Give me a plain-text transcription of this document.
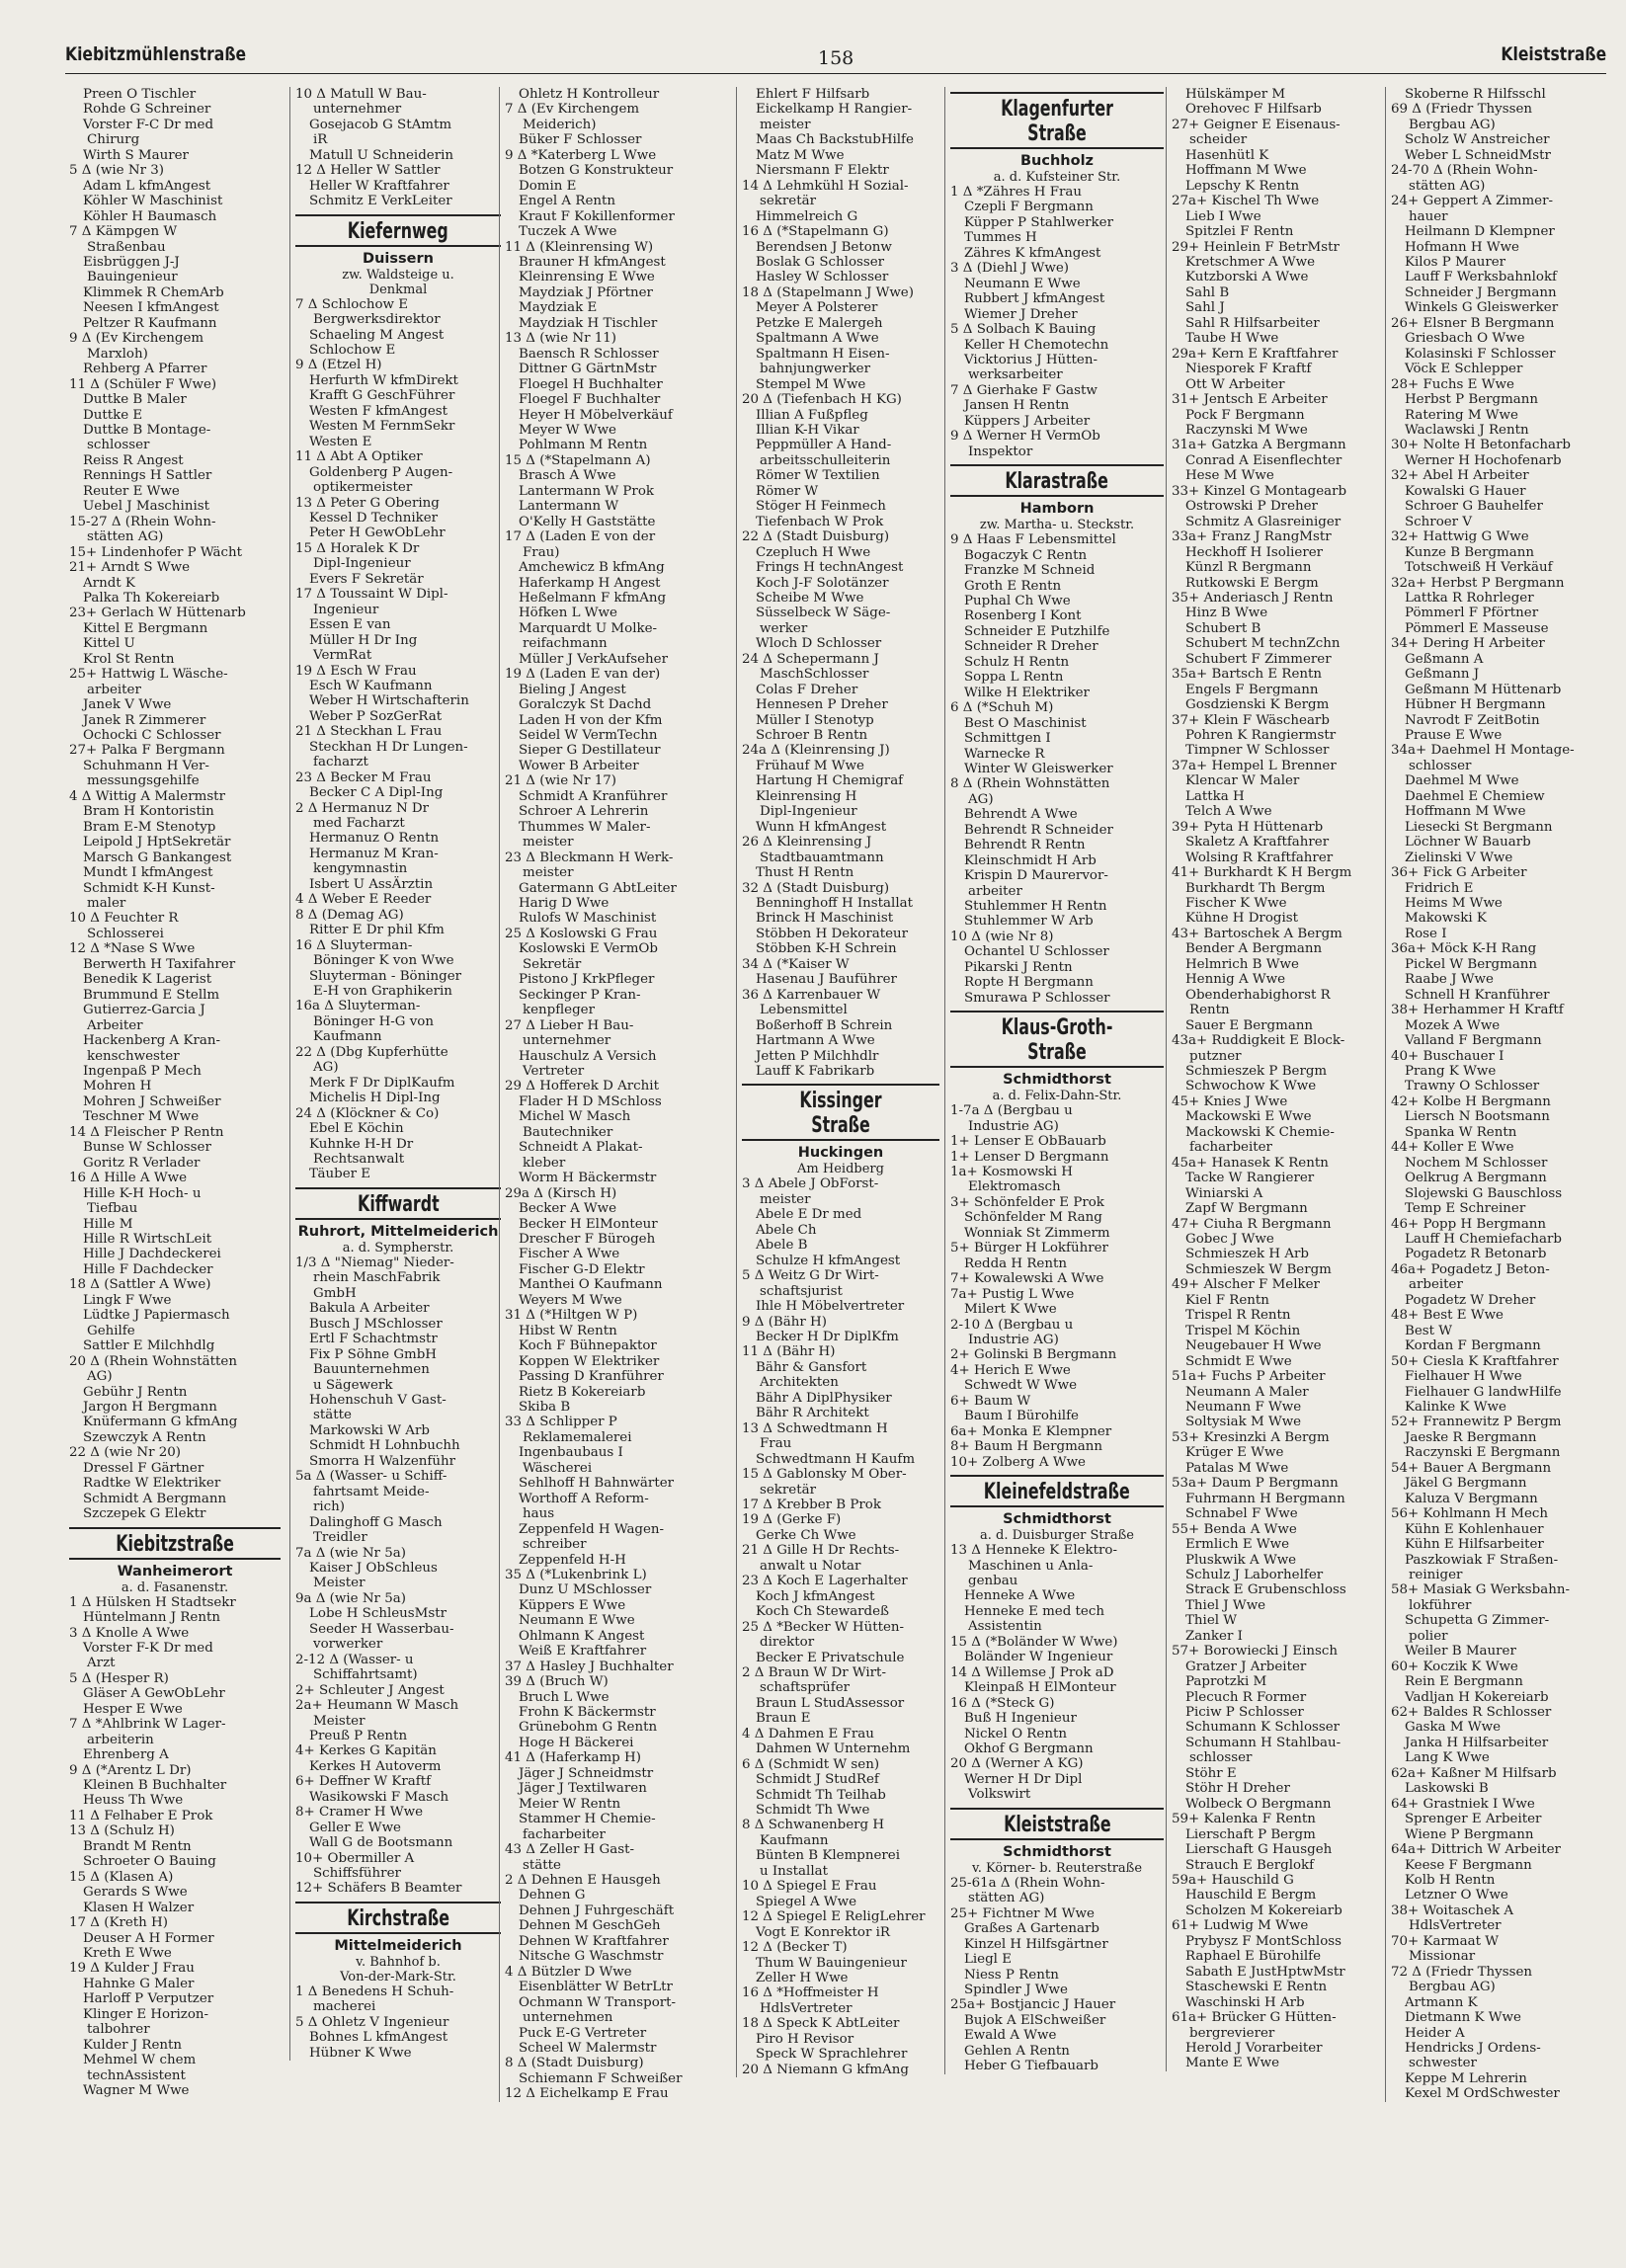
Kiebitzmühlenstraße	158	Kleiststraße
Preen O Tischler
Rohde G Schreiner
Vorster F-C Dr med
Chirurg
Wirth S Maurer
5 Δ (wie Nr 3)
Adam L kfmAngest
Köhler W Maschinist
Köhler H Baumasch
7 Δ Kämpgen W
Straßenbau
Eisbrüggen J-J
Bauingenieur
Klimmek R ChemArb
Neesen I kfmAngest
Peltzer R Kaufmann
9 Δ (Ev Kirchengem
Marxloh)
Rehberg A Pfarrer
11 Δ (Schüler F Wwe)
Duttke B Maler
Duttke E
Duttke B Montage-
schlosser
Reiss R Angest
Rennings H Sattler
Reuter E Wwe
Uebel J Maschinist
15-27 Δ (Rhein Wohn-
stätten AG)
15+ Lindenhofer P Wächt
21+ Arndt S Wwe
Arndt K
Palka Th Kokereiarb
23+ Gerlach W Hüttenarb
Kittel E Bergmann
Kittel U
Krol St Rentn
25+ Hattwig L Wäsche-
arbeiter
Janek V Wwe
Janek R Zimmerer
Ochocki C Schlosser
27+ Palka F Bergmann
Schuhmann H Ver-
messungsgehilfe
4 Δ Wittig A Malermstr
Bram H Kontoristin
Bram E-M Stenotyp
Leipold J HptSekretär
Marsch G Bankangest
Mundt I kfmAngest
Schmidt K-H Kunst-
maler
10 Δ Feuchter R
Schlosserei
12 Δ *Nase S Wwe
Berwerth H Taxifahrer
Benedik K Lagerist
Brummund E Stellm
Gutierrez-Garcia J
Arbeiter
Hackenberg A Kran-
kenschwester
Ingenpaß P Mech
Mohren H
Mohren J Schweißer
Teschner M Wwe
14 Δ Fleischer P Rentn
Bunse W Schlosser
Goritz R Verlader
16 Δ Hille A Wwe
Hille K-H Hoch- u
Tiefbau
Hille M
Hille R WirtschLeit
Hille J Dachdeckerei
Hille F Dachdecker
18 Δ (Sattler A Wwe)
Lingk F Wwe
Lüdtke J Papiermasch
Gehilfe
Sattler E Milchhdlg
20 Δ (Rhein Wohnstätten
AG)
Gebühr J Rentn
Jargon H Bergmann
Knüfermann G kfmAng
Szewczyk A Rentn
22 Δ (wie Nr 20)
Dressel F Gärtner
Radtke W Elektriker
Schmidt A Bergmann
Szczepek G Elektr
Kiebitzstraße
Wanheimerort
a. d. Fasanenstr.
1 Δ Hülsken H Stadtsekr
Hüntelmann J Rentn
3 Δ Knolle A Wwe
Vorster F-K Dr med
Arzt
5 Δ (Hesper R)
Gläser A GewObLehr
Hesper E Wwe
7 Δ *Ahlbrink W Lager-
arbeiterin
Ehrenberg A
9 Δ (*Arentz L Dr)
Kleinen B Buchhalter
Heuss Th Wwe
11 Δ Felhaber E Prok
13 Δ (Schulz H)
Brandt M Rentn
Schroeter O Bauing
15 Δ (Klasen A)
Gerards S Wwe
Klasen H Walzer
17 Δ (Kreth H)
Deuser A H Former
Kreth E Wwe
19 Δ Kulder J Frau
Hahnke G Maler
Harloff P Verputzer
Klinger E Horizon-
talbohrer
Kulder J Rentn
Mehmel W chem
technAssistent
Wagner M Wwe
10 Δ Matull W Bau-
unternehmer
Gosejacob G StAmtm
iR
Matull U Schneiderin
12 Δ Heller W Sattler
Heller W Kraftfahrer
Schmitz E VerkLeiter
Kiefernweg
Duissern
zw. Waldsteige u.
Denkmal
7 Δ Schlochow E
Bergwerksdirektor
Schaeling M Angest
Schlochow E
9 Δ (Etzel H)
Herfurth W kfmDirekt
Krafft G GeschFührer
Westen F kfmAngest
Westen M FernmSekr
Westen E
11 Δ Abt A Optiker
Goldenberg P Augen-
optikermeister
13 Δ Peter G Obering
Kessel D Techniker
Peter H GewObLehr
15 Δ Horalek K Dr
Dipl-Ingenieur
Evers F Sekretär
17 Δ Toussaint W Dipl-
Ingenieur
Essen E van
Müller H Dr Ing
VermRat
19 Δ Esch W Frau
Esch W Kaufmann
Weber H Wirtschafterin
Weber P SozGerRat
21 Δ Steckhan L Frau
Steckhan H Dr Lungen-
facharzt
23 Δ Becker M Frau
Becker C A Dipl-Ing
2 Δ Hermanuz N Dr
med Facharzt
Hermanuz O Rentn
Hermanuz M Kran-
kengymnastin
Isbert U AssÄrztin
4 Δ Weber E Reeder
8 Δ (Demag AG)
Ritter E Dr phil Kfm
16 Δ Sluyterman-
Böninger K von Wwe
Sluyterman - Böninger
E-H von Graphikerin
16a Δ Sluyterman-
Böninger H-G von
Kaufmann
22 Δ (Dbg Kupferhütte
AG)
Merk F Dr DiplKaufm
Michelis H Dipl-Ing
24 Δ (Klöckner & Co)
Ebel E Köchin
Kuhnke H-H Dr
Rechtsanwalt
Täuber E
Kiffwardt
Ruhrort, Mittelmeiderich
a. d. Sympherstr.
1/3 Δ "Niemag" Nieder-
rhein MaschFabrik
GmbH
Bakula A Arbeiter
Busch J MSchlosser
Ertl F Schachtmstr
Fix P Söhne GmbH
Bauunternehmen
u Sägewerk
Hohenschuh V Gast-
stätte
Markowski W Arb
Schmidt H Lohnbuchh
Smorra H Walzenführ
5a Δ (Wasser- u Schiff-
fahrtsamt Meide-
rich)
Dalinghoff G Masch
Treidler
7a Δ (wie Nr 5a)
Kaiser J ObSchleus
Meister
9a Δ (wie Nr 5a)
Lobe H SchleusMstr
Seeder H Wasserbau-
vorwerker
2-12 Δ (Wasser- u
Schiffahrtsamt)
2+ Schleuter J Angest
2a+ Heumann W Masch
Meister
Preuß P Rentn
4+ Kerkes G Kapitän
Kerkes H Autoverm
6+ Deffner W Kraftf
Wasikowski F Masch
8+ Cramer H Wwe
Geller E Wwe
Wall G de Bootsmann
10+ Obermiller A
Schiffsführer
12+ Schäfers B Beamter
Kirchstraße
Mittelmeiderich
v. Bahnhof b.
Von-der-Mark-Str.
1 Δ Benedens H Schuh-
macherei
5 Δ Ohletz V Ingenieur
Bohnes L kfmAngest
Hübner K Wwe
Ohletz H Kontrolleur
7 Δ (Ev Kirchengem
Meiderich)
Büker F Schlosser
9 Δ *Katerberg L Wwe
Botzen G Konstrukteur
Domin E
Engel A Rentn
Kraut F Kokillenformer
Tuczek A Wwe
11 Δ (Kleinrensing W)
Brauner H kfmAngest
Kleinrensing E Wwe
Maydziak J Pförtner
Maydziak E
Maydziak H Tischler
13 Δ (wie Nr 11)
Baensch R Schlosser
Dittner G GärtnMstr
Floegel H Buchhalter
Floegel F Buchhalter
Heyer H Möbelverkäuf
Meyer W Wwe
Pohlmann M Rentn
15 Δ (*Stapelmann A)
Brasch A Wwe
Lantermann W Prok
Lantermann W
O'Kelly H Gaststätte
17 Δ (Laden E von der
Frau)
Amchewicz B kfmAng
Haferkamp H Angest
Heßelmann F kfmAng
Höfken L Wwe
Marquardt U Molke-
reifachmann
Müller J VerkAufseher
19 Δ (Laden E van der)
Bieling J Angest
Goralczyk St Dachd
Laden H von der Kfm
Seidel W VermTechn
Sieper G Destillateur
Wower B Arbeiter
21 Δ (wie Nr 17)
Schmidt A Kranführer
Schroer A Lehrerin
Thummes W Maler-
meister
23 Δ Bleckmann H Werk-
meister
Gatermann G AbtLeiter
Harig D Wwe
Rulofs W Maschinist
25 Δ Koslowski G Frau
Koslowski E VermOb
Sekretär
Pistono J KrkPfleger
Seckinger P Kran-
kenpfleger
27 Δ Lieber H Bau-
unternehmer
Hauschulz A Versich
Vertreter
29 Δ Hofferek D Archit
Flader H D MSchloss
Michel W Masch
Bautechniker
Schneidt A Plakat-
kleber
Worm H Bäckermstr
29a Δ (Kirsch H)
Becker A Wwe
Becker H ElMonteur
Drescher F Bürogeh
Fischer A Wwe
Fischer G-D Elektr
Manthei O Kaufmann
Weyers M Wwe
31 Δ (*Hiltgen W P)
Hibst W Rentn
Koch F Bühnepaktor
Koppen W Elektriker
Passing D Kranführer
Rietz B Kokereiarb
Skiba B
33 Δ Schlipper P
Reklamemalerei
Ingenbaubaus I
Wäscherei
Sehlhoff H Bahnwärter
Worthoff A Reform-
haus
Zeppenfeld H Wagen-
schreiber
Zeppenfeld H-H
35 Δ (*Lukenbrink L)
Dunz U MSchlosser
Küppers E Wwe
Neumann E Wwe
Ohlmann K Angest
Weiß E Kraftfahrer
37 Δ Hasley J Buchhalter
39 Δ (Bruch W)
Bruch L Wwe
Frohn K Bäckermstr
Grünebohm G Rentn
Hoge H Bäckerei
41 Δ (Haferkamp H)
Jäger J Schneidmstr
Jäger J Textilwaren
Meier W Rentn
Stammer H Chemie-
facharbeiter
43 Δ Zeller H Gast-
stätte
2 Δ Dehnen E Hausgeh
Dehnen G
Dehnen J Fuhrgeschäft
Dehnen M GeschGeh
Dehnen W Kraftfahrer
Nitsche G Waschmstr
4 Δ Bützler D Wwe
Eisenblätter W BetrLtr
Ochmann W Transport-
unternehmen
Puck E-G Vertreter
Scheel W Malermstr
8 Δ (Stadt Duisburg)
Schiemann F Schweißer
12 Δ Eichelkamp E Frau
Ehlert F Hilfsarb
Eickelkamp H Rangier-
meister
Maas Ch BackstubHilfe
Matz M Wwe
Niersmann F Elektr
14 Δ Lehmkühl H Sozial-
sekretär
Himmelreich G
16 Δ (*Stapelmann G)
Berendsen J Betonw
Boslak G Schlosser
Hasley W Schlosser
18 Δ (Stapelmann J Wwe)
Meyer A Polsterer
Petzke E Malergeh
Spaltmann A Wwe
Spaltmann H Eisen-
bahnjungwerker
Stempel M Wwe
20 Δ (Tiefenbach H KG)
Illian A Fußpfleg
Illian K-H Vikar
Peppmüller A Hand-
arbeitsschulleiterin
Römer W Textilien
Römer W
Stöger H Feinmech
Tiefenbach W Prok
22 Δ (Stadt Duisburg)
Czepluch H Wwe
Frings H technAngest
Koch J-F Solotänzer
Scheibe M Wwe
Süsselbeck W Säge-
werker
Wloch D Schlosser
24 Δ Schepermann J
MaschSchlosser
Colas F Dreher
Hennesen P Dreher
Müller I Stenotyp
Schroer B Rentn
24a Δ (Kleinrensing J)
Frühauf M Wwe
Hartung H Chemigraf
Kleinrensing H
Dipl-Ingenieur
Wunn H kfmAngest
26 Δ Kleinrensing J
Stadtbauamtmann
Thust H Rentn
32 Δ (Stadt Duisburg)
Benninghoff H Installat
Brinck H Maschinist
Stöbben H Dekorateur
Stöbben K-H Schrein
34 Δ (*Kaiser W
Hasenau J Bauführer
36 Δ Karrenbauer W
Lebensmittel
Boßerhoff B Schrein
Hartmann A Wwe
Jetten P Milchhdlr
Lauff K Fabrikarb
Kissinger Straße
Huckingen
Am Heidberg
3 Δ Abele J ObForst-
meister
Abele E Dr med
Abele Ch
Abele B
Schulze H kfmAngest
5 Δ Weitz G Dr Wirt-
schaftsjurist
Ihle H Möbelvertreter
9 Δ (Bähr H)
Becker H Dr DiplKfm
11 Δ (Bähr H)
Bähr & Gansfort
Architekten
Bähr A DiplPhysiker
Bähr R Architekt
13 Δ Schwedtmann H
Frau
Schwedtmann H Kaufm
15 Δ Gablonsky M Ober-
sekretär
17 Δ Krebber B Prok
19 Δ (Gerke F)
Gerke Ch Wwe
21 Δ Gille H Dr Rechts-
anwalt u Notar
23 Δ Koch E Lagerhalter
Koch J kfmAngest
Koch Ch Stewardeß
25 Δ *Becker W Hütten-
direktor
Becker E Privatschule
2 Δ Braun W Dr Wirt-
schaftsprüfer
Braun L StudAssessor
Braun E
4 Δ Dahmen E Frau
Dahmen W Unternehm
6 Δ (Schmidt W sen)
Schmidt J StudRef
Schmidt Th Teilhab
Schmidt Th Wwe
8 Δ Schwanenberg H
Kaufmann
Bünten B Klempnerei
u Installat
10 Δ Spiegel E Frau
Spiegel A Wwe
12 Δ Spiegel E ReligLehrer
Vogt E Konrektor iR
12 Δ (Becker T)
Thum W Bauingenieur
Zeller H Wwe
16 Δ *Hoffmeister H
HdlsVertreter
18 Δ Speck K AbtLeiter
Piro H Revisor
Speck W Sprachlehrer
20 Δ Niemann G kfmAng
Klagenfurter Straße
Buchholz
a. d. Kufsteiner Str.
1 Δ *Zähres H Frau
Czepli F Bergmann
Küpper P Stahlwerker
Tummes H
Zähres K kfmAngest
3 Δ (Diehl J Wwe)
Neumann E Wwe
Rubbert J kfmAngest
Wiemer J Dreher
5 Δ Solbach K Bauing
Keller H Chemotechn
Vicktorius J Hütten-
werksarbeiter
7 Δ Gierhake F Gastw
Jansen H Rentn
Küppers J Arbeiter
9 Δ Werner H VermOb
Inspektor
Klarastraße
Hamborn
zw. Martha- u. Steckstr.
9 Δ Haas F Lebensmittel
Bogaczyk C Rentn
Franzke M Schneid
Groth E Rentn
Puphal Ch Wwe
Rosenberg I Kont
Schneider E Putzhilfe
Schneider R Dreher
Schulz H Rentn
Soppa L Rentn
Wilke H Elektriker
6 Δ (*Schuh M)
Best O Maschinist
Schmittgen I
Warnecke R
Winter W Gleiswerker
8 Δ (Rhein Wohnstätten
AG)
Behrendt A Wwe
Behrendt R Schneider
Behrendt R Rentn
Kleinschmidt H Arb
Krispin D Maurervor-
arbeiter
Stuhlemmer H Rentn
Stuhlemmer W Arb
10 Δ (wie Nr 8)
Ochantel U Schlosser
Pikarski J Rentn
Ropte H Bergmann
Smurawa P Schlosser
Klaus-Groth-Straße
Schmidthorst
a. d. Felix-Dahn-Str.
1-7a Δ (Bergbau u
Industrie AG)
1+ Lenser E ObBauarb
1+ Lenser D Bergmann
1a+ Kosmowski H
Elektromasch
3+ Schönfelder E Prok
Schönfelder M Rang
Wonniak St Zimmerm
5+ Bürger H Lokführer
Redda H Rentn
7+ Kowalewski A Wwe
7a+ Pustig L Wwe
Milert K Wwe
2-10 Δ (Bergbau u
Industrie AG)
2+ Golinski B Bergmann
4+ Herich E Wwe
Schwedt W Wwe
6+ Baum W
Baum I Bürohilfe
6a+ Monka E Klempner
8+ Baum H Bergmann
10+ Zolberg A Wwe
Kleinefeldstraße
Schmidthorst
a. d. Duisburger Straße
13 Δ Henneke K Elektro-
Maschinen u Anla-
genbau
Henneke A Wwe
Henneke E med tech
Assistentin
15 Δ (*Boländer W Wwe)
Boländer W Ingenieur
14 Δ Willemse J Prok aD
Kleinpaß H ElMonteur
16 Δ (*Steck G)
Buß H Ingenieur
Nickel O Rentn
Okhof G Bergmann
20 Δ (Werner A KG)
Werner H Dr Dipl
Volkswirt
Kleiststraße
Schmidthorst
v. Körner- b. Reuterstraße
25-61a Δ (Rhein Wohn-
stätten AG)
25+ Fichtner M Wwe
Graßes A Gartenarb
Kinzel H Hilfsgärtner
Liegl E
Niess P Rentn
Spindler J Wwe
25a+ Bostjancic J Hauer
Bujok A ElSchweißer
Ewald A Wwe
Gehlen A Rentn
Heber G Tiefbauarb
Hülskämper M
Orehovec F Hilfsarb
27+ Geigner E Eisenaus-
scheider
Hasenhütl K
Hoffmann M Wwe
Lepschy K Rentn
27a+ Kischel Th Wwe
Lieb I Wwe
Spitzlei F Rentn
29+ Heinlein F BetrMstr
Kretschmer A Wwe
Kutzborski A Wwe
Sahl B
Sahl J
Sahl R Hilfsarbeiter
Taube H Wwe
29a+ Kern E Kraftfahrer
Niesporek F Kraftf
Ott W Arbeiter
31+ Jentsch E Arbeiter
Pock F Bergmann
Raczynski M Wwe
31a+ Gatzka A Bergmann
Conrad A Eisenflechter
Hese M Wwe
33+ Kinzel G Montagearb
Ostrowski P Dreher
Schmitz A Glasreiniger
33a+ Franz J RangMstr
Heckhoff H Isolierer
Künzl R Bergmann
Rutkowski E Bergm
35+ Anderiasch J Rentn
Hinz B Wwe
Schubert B
Schubert M technZchn
Schubert F Zimmerer
35a+ Bartsch E Rentn
Engels F Bergmann
Gosdzienski K Bergm
37+ Klein F Wäschearb
Pohren K Rangiermstr
Timpner W Schlosser
37a+ Hempel L Brenner
Klencar W Maler
Lattka H
Telch A Wwe
39+ Pyta H Hüttenarb
Skaletz A Kraftfahrer
Wolsing R Kraftfahrer
41+ Burkhardt K H Bergm
Burkhardt Th Bergm
Fischer K Wwe
Kühne H Drogist
43+ Bartoschek A Bergm
Bender A Bergmann
Helmrich B Wwe
Hennig A Wwe
Obenderhabighorst R
Rentn
Sauer E Bergmann
43a+ Ruddigkeit E Block-
putzner
Schmieszek P Bergm
Schwochow K Wwe
45+ Knies J Wwe
Mackowski E Wwe
Mackowski K Chemie-
facharbeiter
45a+ Hanasek K Rentn
Tacke W Rangierer
Winiarski A
Zapf W Bergmann
47+ Ciuha R Bergmann
Gobec J Wwe
Schmieszek H Arb
Schmieszek W Bergm
49+ Alscher F Melker
Kiel F Rentn
Trispel R Rentn
Trispel M Köchin
Neugebauer H Wwe
Schmidt E Wwe
51a+ Fuchs P Arbeiter
Neumann A Maler
Neumann F Wwe
Soltysiak M Wwe
53+ Kresinzki A Bergm
Krüger E Wwe
Patalas M Wwe
53a+ Daum P Bergmann
Fuhrmann H Bergmann
Schnabel F Wwe
55+ Benda A Wwe
Ermlich E Wwe
Pluskwik A Wwe
Schulz J Laborhelfer
Strack E Grubenschloss
Thiel J Wwe
Thiel W
Zanker I
57+ Borowiecki J Einsch
Gratzer J Arbeiter
Paprotzki M
Plecuch R Former
Piciw P Schlosser
Schumann K Schlosser
Schumann H Stahlbau-
schlosser
Stöhr E
Stöhr H Dreher
Wolbeck O Bergmann
59+ Kalenka F Rentn
Lierschaft P Bergm
Lierschaft G Hausgeh
Strauch E Berglokf
59a+ Hauschild G
Hauschild E Bergm
Scholzen M Kokereiarb
61+ Ludwig M Wwe
Prybysz F MontSchloss
Raphael E Bürohilfe
Sabath E JustHptwMstr
Staschewski E Rentn
Waschinski H Arb
61a+ Brücker G Hütten-
bergrevierer
Herold J Vorarbeiter
Mante E Wwe
Skoberne R Hilfsschl
69 Δ (Friedr Thyssen
Bergbau AG)
Scholz W Anstreicher
Weber L SchneidMstr
24-70 Δ (Rhein Wohn-
stätten AG)
24+ Geppert A Zimmer-
hauer
Heilmann D Klempner
Hofmann H Wwe
Kilos P Maurer
Lauff F Werksbahnlokf
Schneider J Bergmann
Winkels G Gleiswerker
26+ Elsner B Bergmann
Griesbach O Wwe
Kolasinski F Schlosser
Vöck E Schlepper
28+ Fuchs E Wwe
Herbst P Bergmann
Ratering M Wwe
Waclawski J Rentn
30+ Nolte H Betonfacharb
Werner H Hochofenarb
32+ Abel H Arbeiter
Kowalski G Hauer
Schroer G Bauhelfer
Schroer V
32+ Hattwig G Wwe
Kunze B Bergmann
Totschweiß H Verkäuf
32a+ Herbst P Bergmann
Lattka R Rohrleger
Pömmerl F Pförtner
Pömmerl E Masseuse
34+ Dering H Arbeiter
Geßmann A
Geßmann J
Geßmann M Hüttenarb
Hübner H Bergmann
Navrodt F ZeitBotin
Prause E Wwe
34a+ Daehmel H Montage-
schlosser
Daehmel M Wwe
Daehmel E Chemiew
Hoffmann M Wwe
Liesecki St Bergmann
Löchner W Bauarb
Zielinski V Wwe
36+ Fick G Arbeiter
Fridrich E
Heims M Wwe
Makowski K
Rose I
36a+ Möck K-H Rang
Pickel W Bergmann
Raabe J Wwe
Schnell H Kranführer
38+ Herhammer H Kraftf
Mozek A Wwe
Valland F Bergmann
40+ Buschauer I
Prang K Wwe
Trawny O Schlosser
42+ Kolbe H Bergmann
Liersch N Bootsmann
Spanka W Rentn
44+ Koller E Wwe
Nochem M Schlosser
Oelkrug A Bergmann
Slojewski G Bauschloss
Temp E Schreiner
46+ Popp H Bergmann
Lauff H Chemiefacharb
Pogadetz R Betonarb
46a+ Pogadetz J Beton-
arbeiter
Pogadetz W Dreher
48+ Best E Wwe
Best W
Kordan F Bergmann
50+ Ciesla K Kraftfahrer
Fielhauer H Wwe
Fielhauer G landwHilfe
Kalinke K Wwe
52+ Frannewitz P Bergm
Jaeske R Bergmann
Raczynski E Bergmann
54+ Bauer A Bergmann
Jäkel G Bergmann
Kaluza V Bergmann
56+ Kohlmann H Mech
Kühn E Kohlenhauer
Kühn E Hilfsarbeiter
Paszkowiak F Straßen-
reiniger
58+ Masiak G Werksbahn-
lokführer
Schupetta G Zimmer-
polier
Weiler B Maurer
60+ Koczik K Wwe
Rein E Bergmann
Vadljan H Kokereiarb
62+ Baldes R Schlosser
Gaska M Wwe
Janka H Hilfsarbeiter
Lang K Wwe
62a+ Kaßner M Hilfsarb
Laskowski B
64+ Grastniek I Wwe
Sprenger E Arbeiter
Wiene P Bergmann
64a+ Dittrich W Arbeiter
Keese F Bergmann
Kolb H Rentn
Letzner O Wwe
38+ Woitaschek A
HdlsVertreter
70+ Karmaat W
Missionar
72 Δ (Friedr Thyssen
Bergbau AG)
Artmann K
Dietmann K Wwe
Heider A
Hendricks J Ordens-
schwester
Keppe M Lehrerin
Kexel M OrdSchwester
